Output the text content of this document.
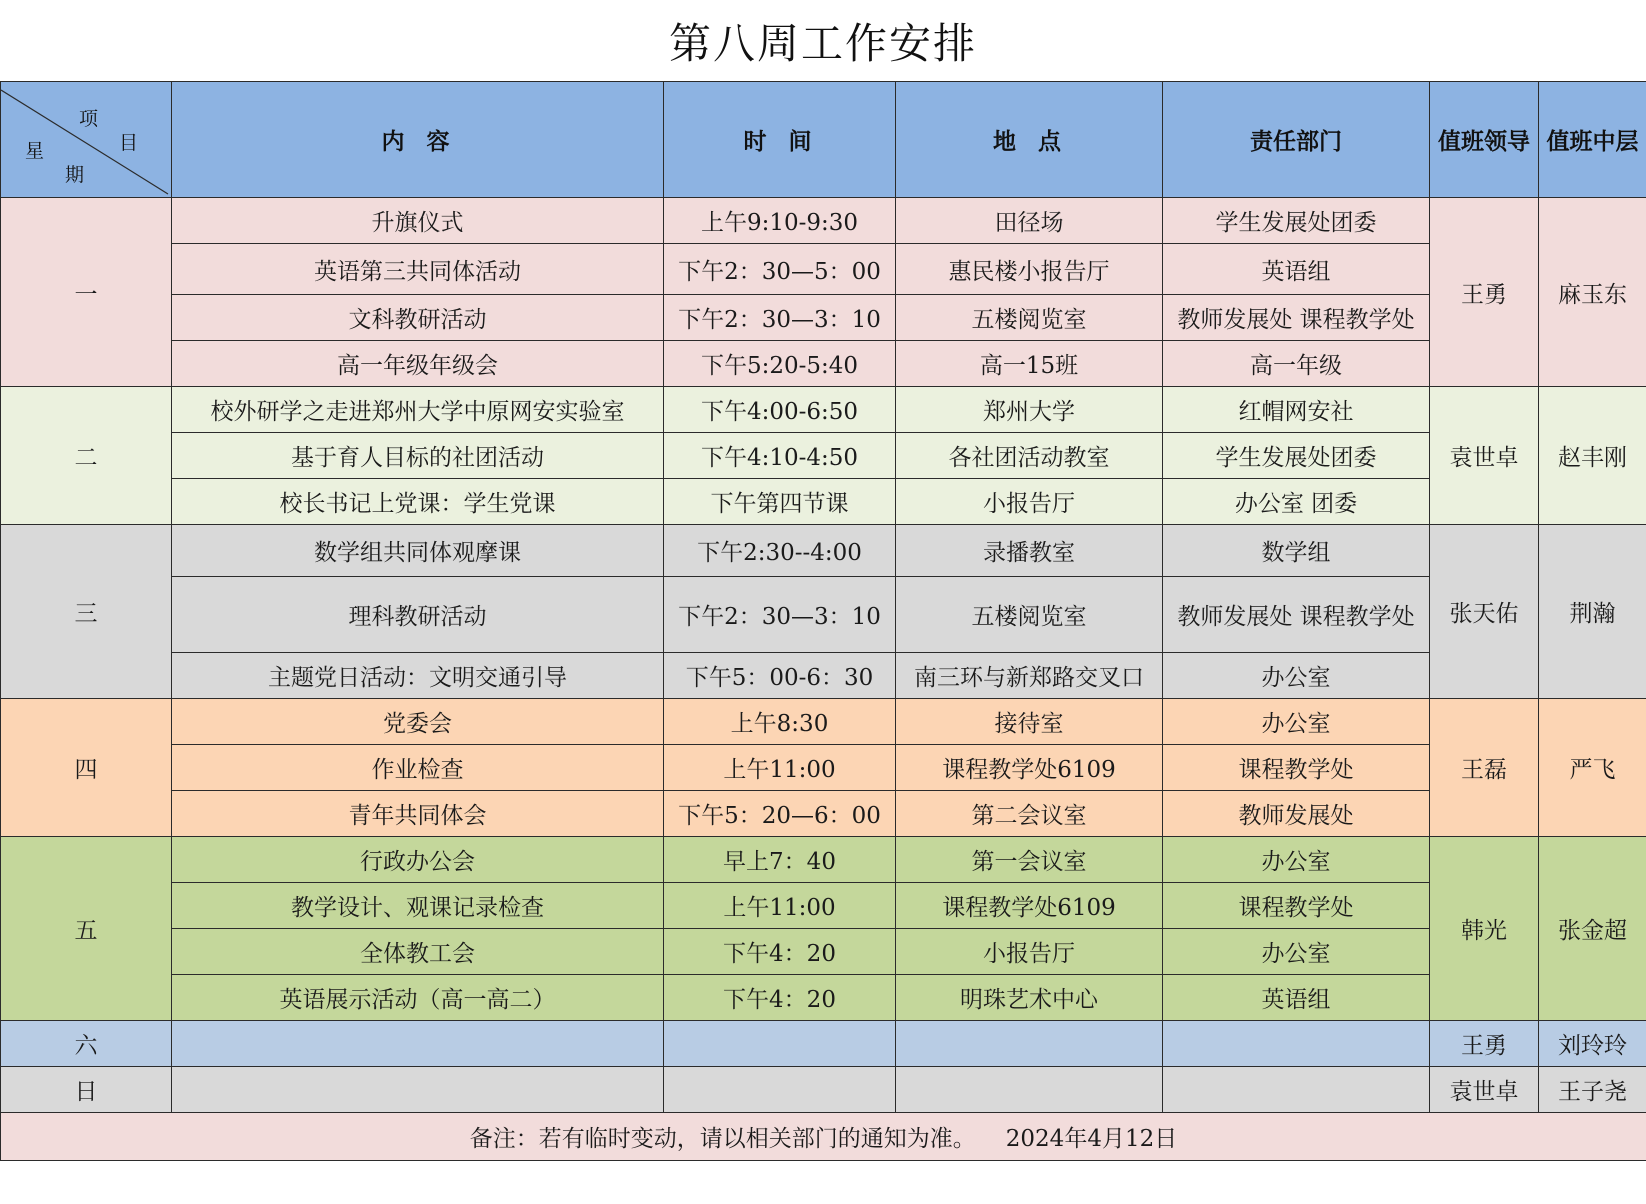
第八周工作安排
项
目
星
期	内容	时间	地点	责任部门	值班领导	值班中层
一	升旗仪式	上午9:10-9:30	田径场	学生发展处团委	王勇	麻玉东
	英语第三共同体活动	下午2：30—5：00	惠民楼小报告厅	英语组		
	文科教研活动	下午2：30—3：10	五楼阅览室	教师发展处 课程教学处		
	高一年级年级会	下午5:20-5:40	高一15班	高一年级		
二	校外研学之走进郑州大学中原网安实验室	下午4:00-6:50	郑州大学	红帽网安社	袁世卓	赵丰刚
	基于育人目标的社团活动	下午4:10-4:50	各社团活动教室	学生发展处团委		
	校长书记上党课：学生党课	下午第四节课	小报告厅	办公室 团委		
三	数学组共同体观摩课	下午2:30--4:00	录播教室	数学组	张天佑	荆瀚
	理科教研活动	下午2：30—3：10	五楼阅览室	教师发展处 课程教学处		
	主题党日活动：文明交通引导	下午5：00-6：30	南三环与新郑路交叉口	办公室		
四	党委会	上午8:30	接待室	办公室	王磊	严飞
	作业检查	上午11:00	课程教学处6109	课程教学处		
	青年共同体会	下午5：20—6：00	第二会议室	教师发展处		
五	行政办公会	早上7：40	第一会议室	办公室	韩光	张金超
	教学设计、观课记录检查	上午11:00	课程教学处6109	课程教学处		
	全体教工会	下午4：20	小报告厅	办公室		
	英语展示活动（高一高二）	下午4：20	明珠艺术中心	英语组		
六					王勇	刘玲玲
日					袁世卓	王子尧
备注：若有临时变动，请以相关部门的通知为准。 2024年4月12日						
